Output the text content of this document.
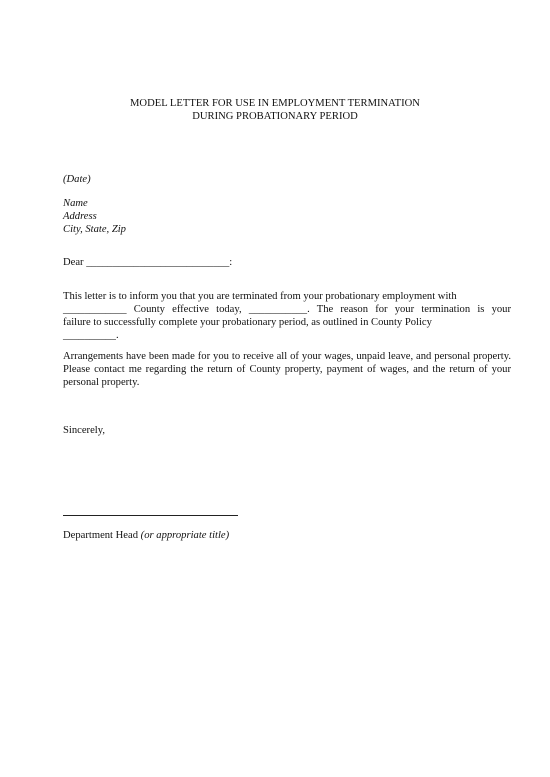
MODEL LETTER FOR USE IN EMPLOYMENT TERMINATION
DURING PROBATIONARY PERIOD
(Date)
Name
Address
City, State, Zip
Dear ___________________________:
This letter is to inform you that you are terminated from your probationary employment with
____________ County effective today, ___________. The reason for your termination is your
failure to successfully complete your probationary period, as outlined in County Policy
__________.
Arrangements have been made for you to receive all of your wages, unpaid leave, and personal property.
Please contact me regarding the return of County property, payment of wages, and the return of your
personal property.
Sincerely,
Department Head (or appropriate title)
